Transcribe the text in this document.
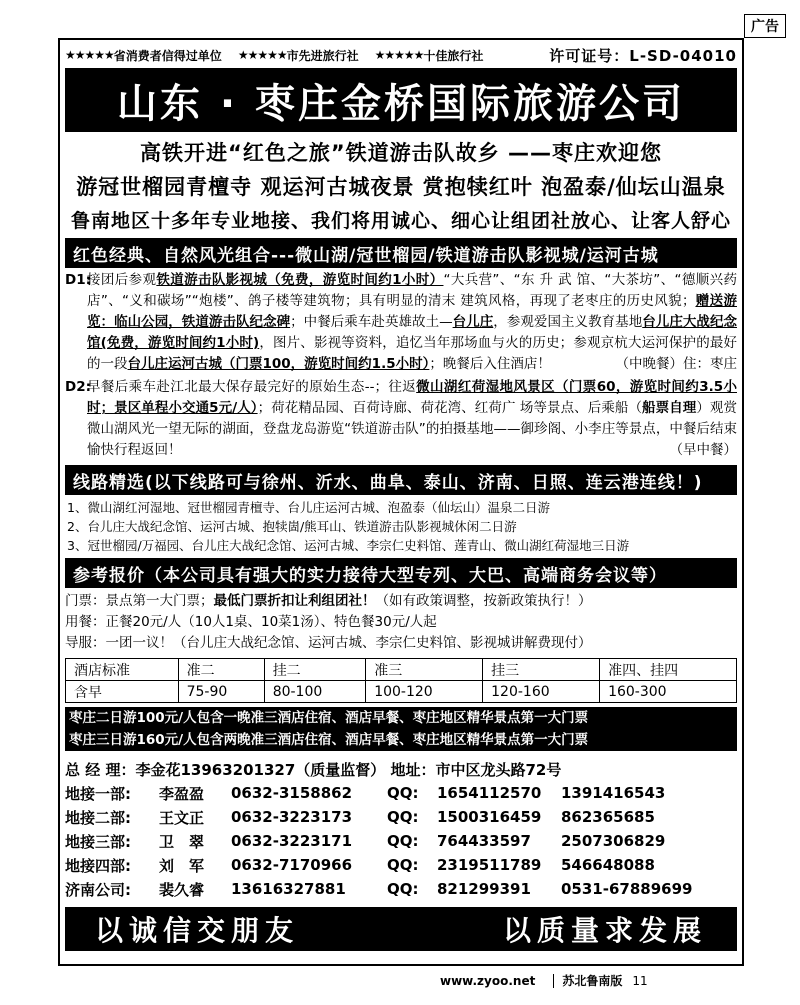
广告
★★★★★ 省消费者信得过单位 ★★★★★ 市先进旅行社 ★★★★★ 十佳旅行社	许可证号：L-SD-04010
山东 · 枣庄金桥国际旅游公司
高铁开进“红色之旅”铁道游击队故乡 ——枣庄欢迎您
游冠世榴园青檀寺 观运河古城夜景 赏抱犊红叶 泡盈泰/仙坛山温泉
鲁南地区十多年专业地接、我们将用诚心、细心让组团社放心、让客人舒心
红色经典、自然风光组合---微山湖/冠世榴园/铁道游击队影视城/运河古城
D1:

接团后参观铁道游击队影视城（免费，游览时间约1小时）“大兵营”、“东 升 武 馆、“大茶坊”、“德顺兴药店”、“义和碳场”“炮楼”、鸽子楼等建筑物；具有明显的清末 建筑风格，再现了老枣庄的历史风貌；赠送游览：临山公园，铁道游击队纪念碑；中餐后乘车赴英雄故土—台儿庄，参观爱国主义教育基地台儿庄大战纪念馆(免费，游览时间约1小时)，图片、影视等资料，追忆当年那场血与火的历史；参观京杭大运河保护的最好的一段台儿庄运河古城（门票100，游览时间约1.5小时）；晚餐后入住酒店！	（中晚餐）住：枣庄

D2:

早餐后乘车赴江北最大保存最完好的原始生态--；往返微山湖红荷湿地风景区（门票60，游览时间约3.5小时；景区单程小交通5元/人）；荷花精品园、百荷诗廊、荷花湾、红荷广 场等景点、后乘船（船票自理）观赏微山湖风光一望无际的湖面，登盘龙岛游览“铁道游击队”的拍摄基地——御珍阁、小李庄等景点，中餐后结束愉快行程返回！	（早中餐）

线路精选(以下线路可与徐州、沂水、曲阜、泰山、济南、日照、连云港连线！)
1、微山湖红河湿地、冠世榴园青檀寺、台儿庄运河古城、泡盈泰（仙坛山）温泉二日游
2、台儿庄大战纪念馆、运河古城、抱犊崮/熊耳山、铁道游击队影视城休闲二日游
3、冠世榴园/万福园、台儿庄大战纪念馆、运河古城、李宗仁史料馆、莲青山、微山湖红荷湿地三日游
参考报价（本公司具有强大的实力接待大型专列、大巴、高端商务会议等）
门票：景点第一大门票；最低门票折扣让利组团社！（如有政策调整，按新政策执行！）
用餐：正餐20元/人（10人1桌、10菜1汤）、特色餐30元/人起
导服：一团一议！（台儿庄大战纪念馆、运河古城、李宗仁史料馆、影视城讲解费现付）
酒店标准	准二	挂二	准三	挂三	准四、挂四
含早	75-90	80-100	100-120	120-160	160-300
枣庄二日游100元/人包含一晚准三酒店住宿、酒店早餐、枣庄地区精华景点第一大门票
枣庄三日游160元/人包含两晚准三酒店住宿、酒店早餐、枣庄地区精华景点第一大门票
总 经 理：李金花13963201327（质量监督） 地址：市中区龙头路72号
地接一部:	李盈盈	0632-3158862	QQ:	1654112570	1391416543
地接二部:	王文正	0632-3223173	QQ:	1500316459	862365685
地接三部:	卫　翠	0632-3223171	QQ:	764433597	2507306829
地接四部:	刘　军	0632-7170966	QQ:	2319511789	546648088
济南公司:	裴久睿	13616327881	QQ:	821299391	0531-67889699
以诚信交朋友	以质量求发展
www.zyoo.net 苏北鲁南版 11
